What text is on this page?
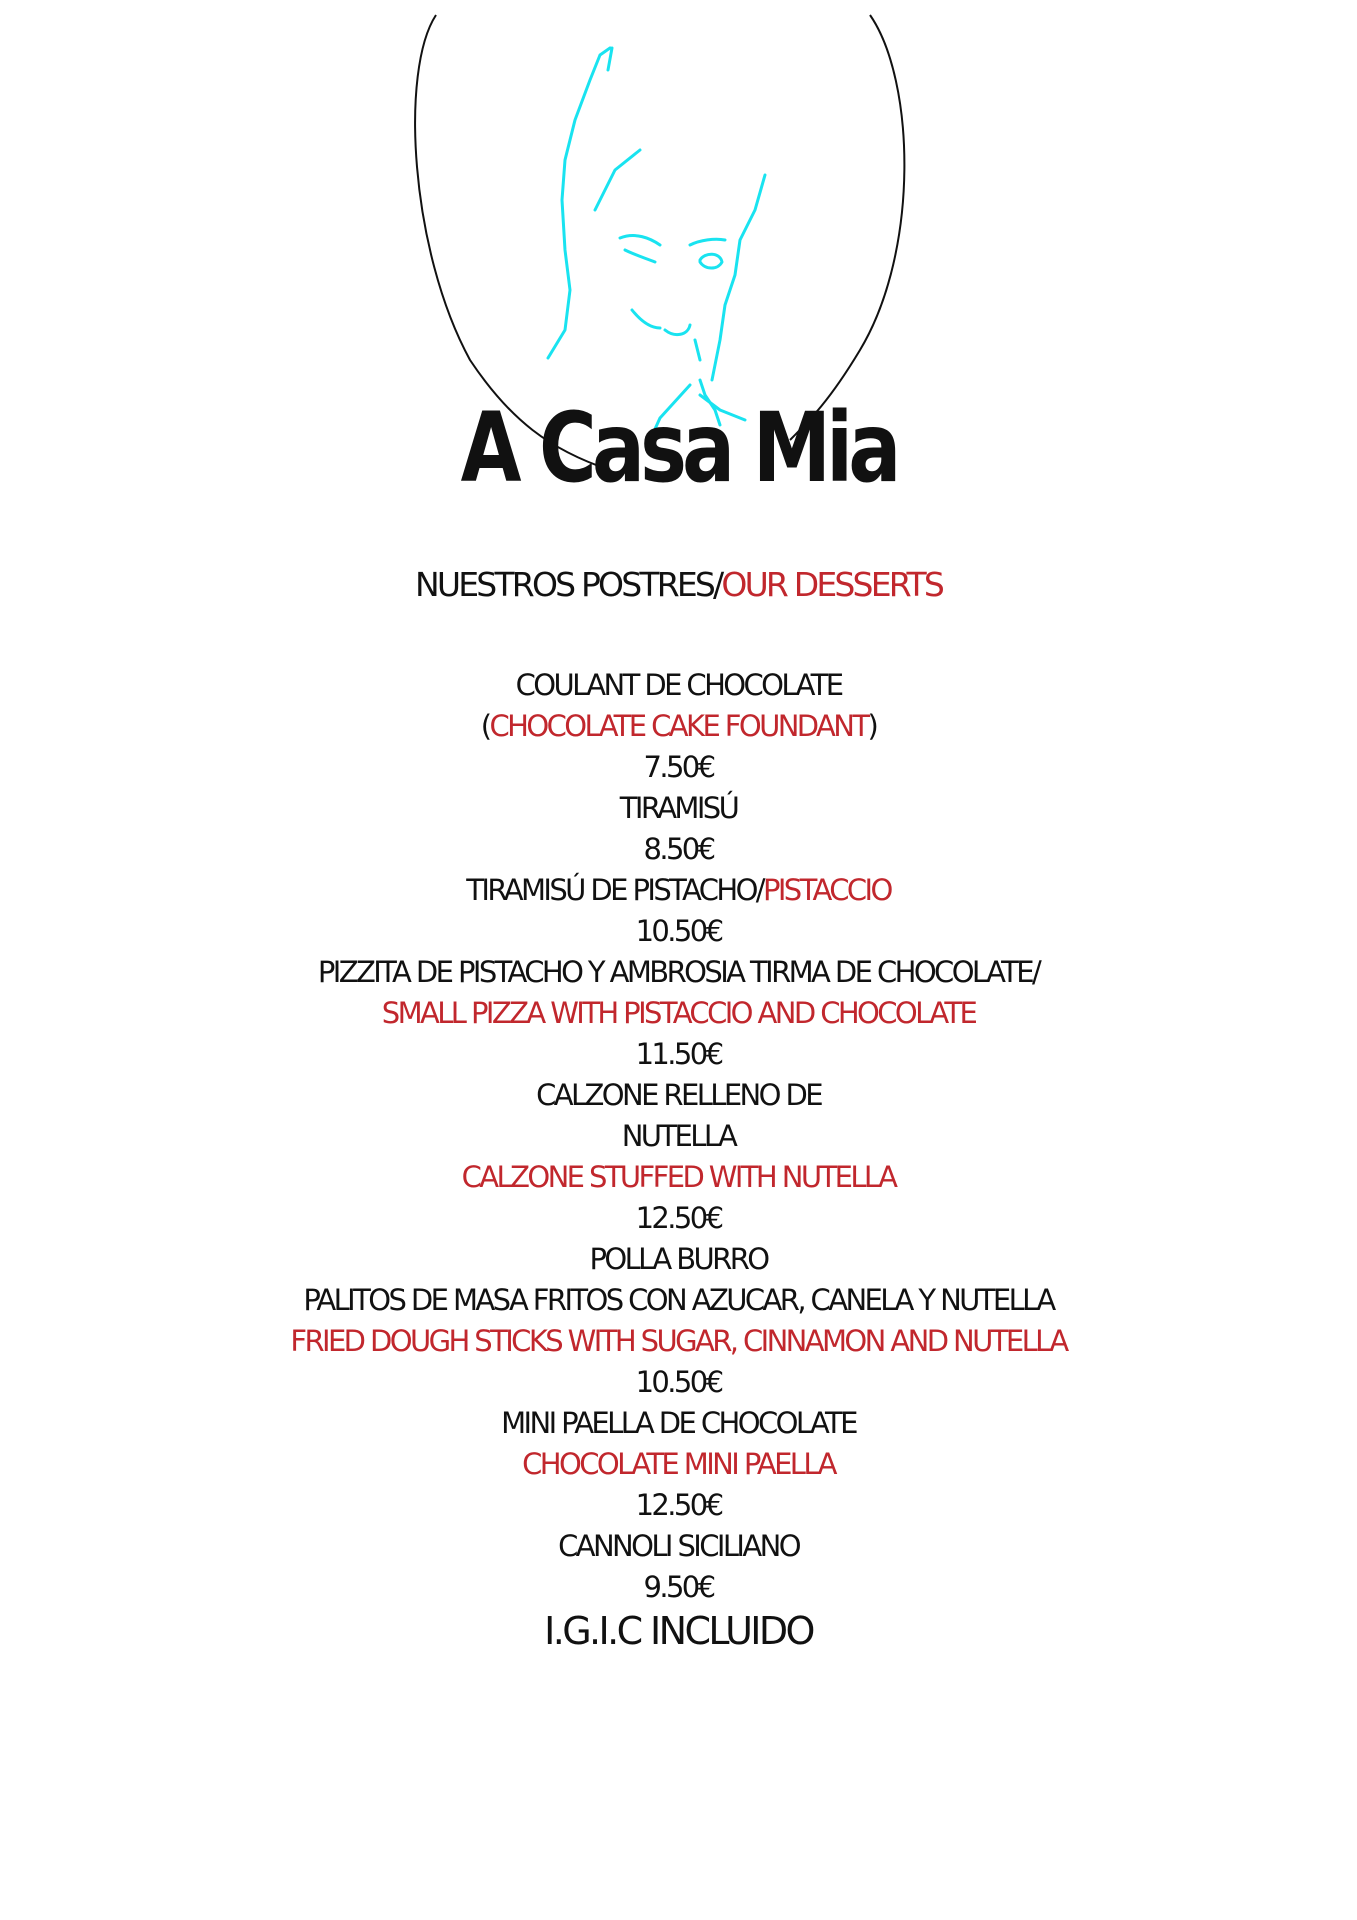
A Casa Mia
NUESTROS POSTRES/OUR DESSERTS
COULANT DE CHOCOLATE
(CHOCOLATE CAKE FOUNDANT)
7.50€
TIRAMISÚ
8.50€
TIRAMISÚ DE PISTACHO/PISTACCIO
10.50€
PIZZITA DE PISTACHO Y AMBROSIA TIRMA DE CHOCOLATE/
SMALL PIZZA WITH PISTACCIO AND CHOCOLATE
11.50€
CALZONE RELLENO DE
NUTELLA
CALZONE STUFFED WITH NUTELLA
12.50€
POLLA BURRO
PALITOS DE MASA FRITOS CON AZUCAR, CANELA Y NUTELLA
FRIED DOUGH STICKS WITH SUGAR, CINNAMON AND NUTELLA
10.50€
MINI PAELLA DE CHOCOLATE
CHOCOLATE MINI PAELLA
12.50€
CANNOLI SICILIANO
9.50€
I.G.I.C INCLUIDO
